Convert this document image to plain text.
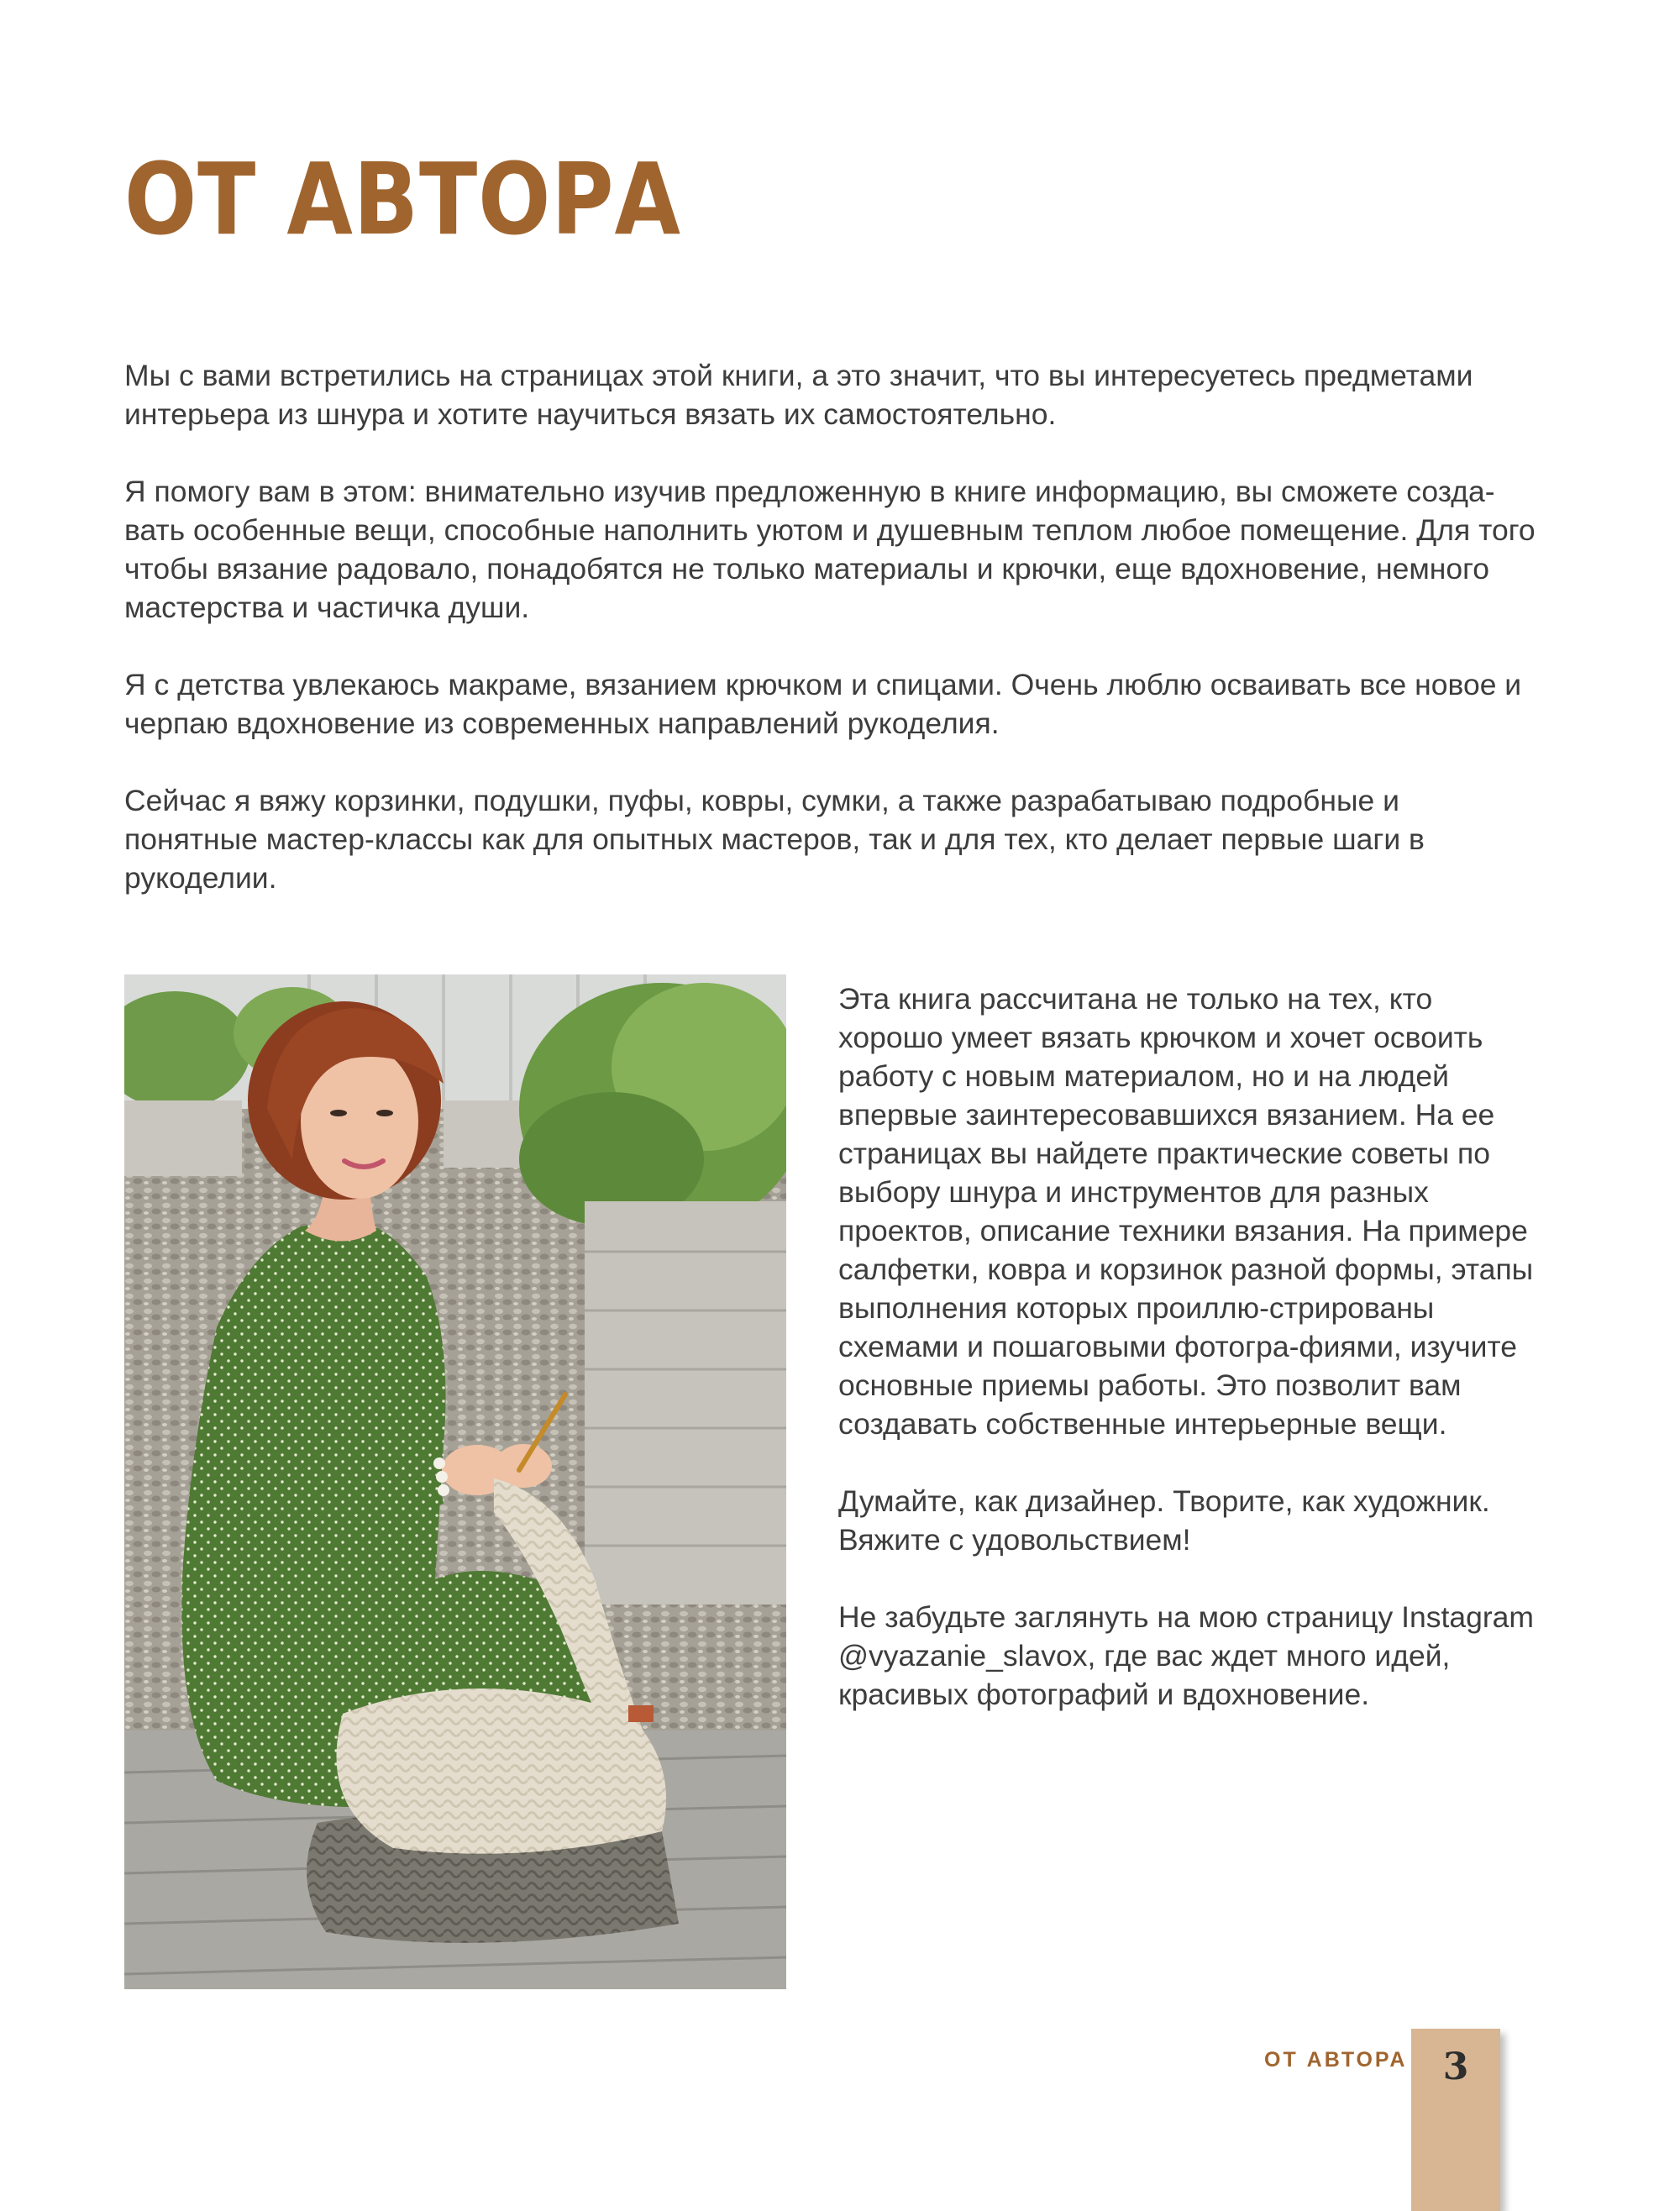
ОТ АВТОРА

Мы с вами встретились на страницах этой книги, а это значит, что вы интересуетесь предметами интерьера из шнура и хотите научиться вязать их самостоятельно.

Я помогу вам в этом: внимательно изучив предложенную в книге информацию, вы сможете созда-вать особенные вещи, способные наполнить уютом и душевным теплом любое помещение. Для того чтобы вязание радовало, понадобятся не только материалы и крючки, еще вдохновение, немного мастерства и частичка души.

Я с детства увлекаюсь макраме, вязанием крючком и спицами. Очень люблю осваивать все новое и черпаю вдохновение из современных направлений рукоделия.

Сейчас я вяжу корзинки, подушки, пуфы, ковры, сумки, а также разрабатываю подробные и понятные мастер-классы как для опытных мастеров, так и для тех, кто делает первые шаги в рукоделии.

Эта книга рассчитана не только на тех, кто хорошо умеет вязать крючком и хочет освоить работу с новым материалом, но и на людей впервые заинтересовавшихся вязанием. На ее страницах вы найдете практические советы по выбору шнура и инструментов для разных проектов, описание техники вязания. На примере салфетки, ковра и корзинок разной формы, этапы выполнения которых проиллю-стрированы схемами и пошаговыми фотогра-фиями, изучите основные приемы работы. Это позволит вам создавать собственные интерьерные вещи.

Думайте, как дизайнер. Творите, как художник. Вяжите с удовольствием!

Не забудьте заглянуть на мою страницу Instagram @vyazanie_slavox, где вас ждет много идей, красивых фотографий и вдохновение.

ОТ АВТОРА 3
